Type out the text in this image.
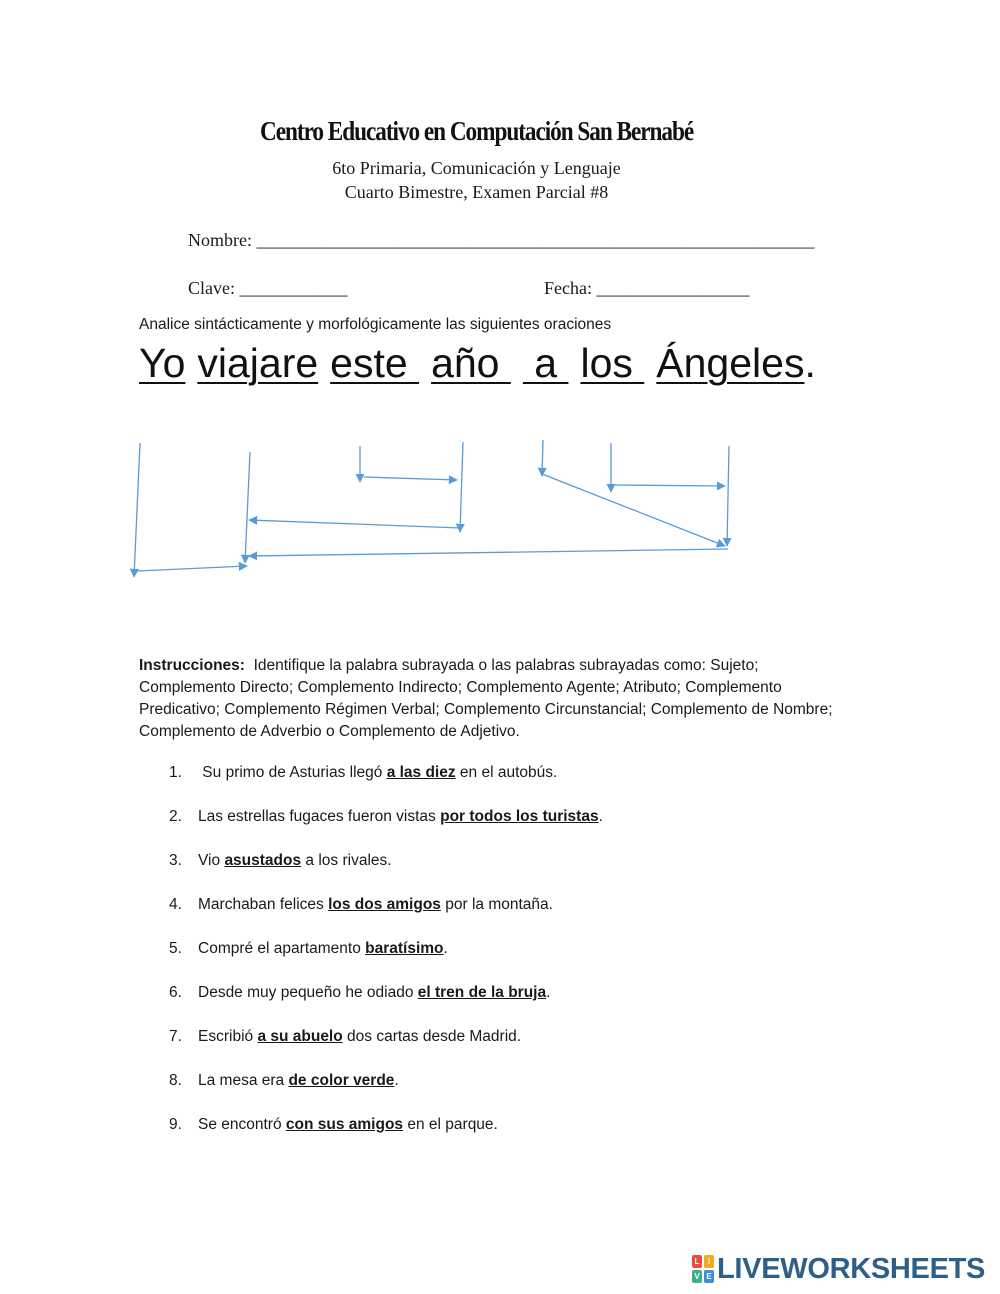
Centro Educativo en Computación San Bernabé
6to Primaria, Comunicación y Lenguaje
Cuarto Bimestre, Examen Parcial #8
Nombre: ______________________________________________________________
Clave: ____________	Fecha: _________________
Analice sintácticamente y morfológicamente las siguientes oraciones
Yo viajare este año  a los Ángeles.
Instrucciones: Identifique la palabra subrayada o las palabras subrayadas como: Sujeto; Complemento Directo; Complemento Indirecto; Complemento Agente; Atributo; Complemento Predicativo; Complemento Régimen Verbal; Complemento Circunstancial; Complemento de Nombre; Complemento de Adverbio o Complemento de Adjetivo.
1. Su primo de Asturias llegó a las diez en el autobús.
2. Las estrellas fugaces fueron vistas por todos los turistas.
3. Vio asustados a los rivales.
4. Marchaban felices los dos amigos por la montaña.
5. Compré el apartamento baratísimo.
6. Desde muy pequeño he odiado el tren de la bruja.
7. Escribió a su abuelo dos cartas desde Madrid.
8. La mesa era de color verde.
9. Se encontró con sus amigos en el parque.
L	I
V E LIVEWORKSHEETS
